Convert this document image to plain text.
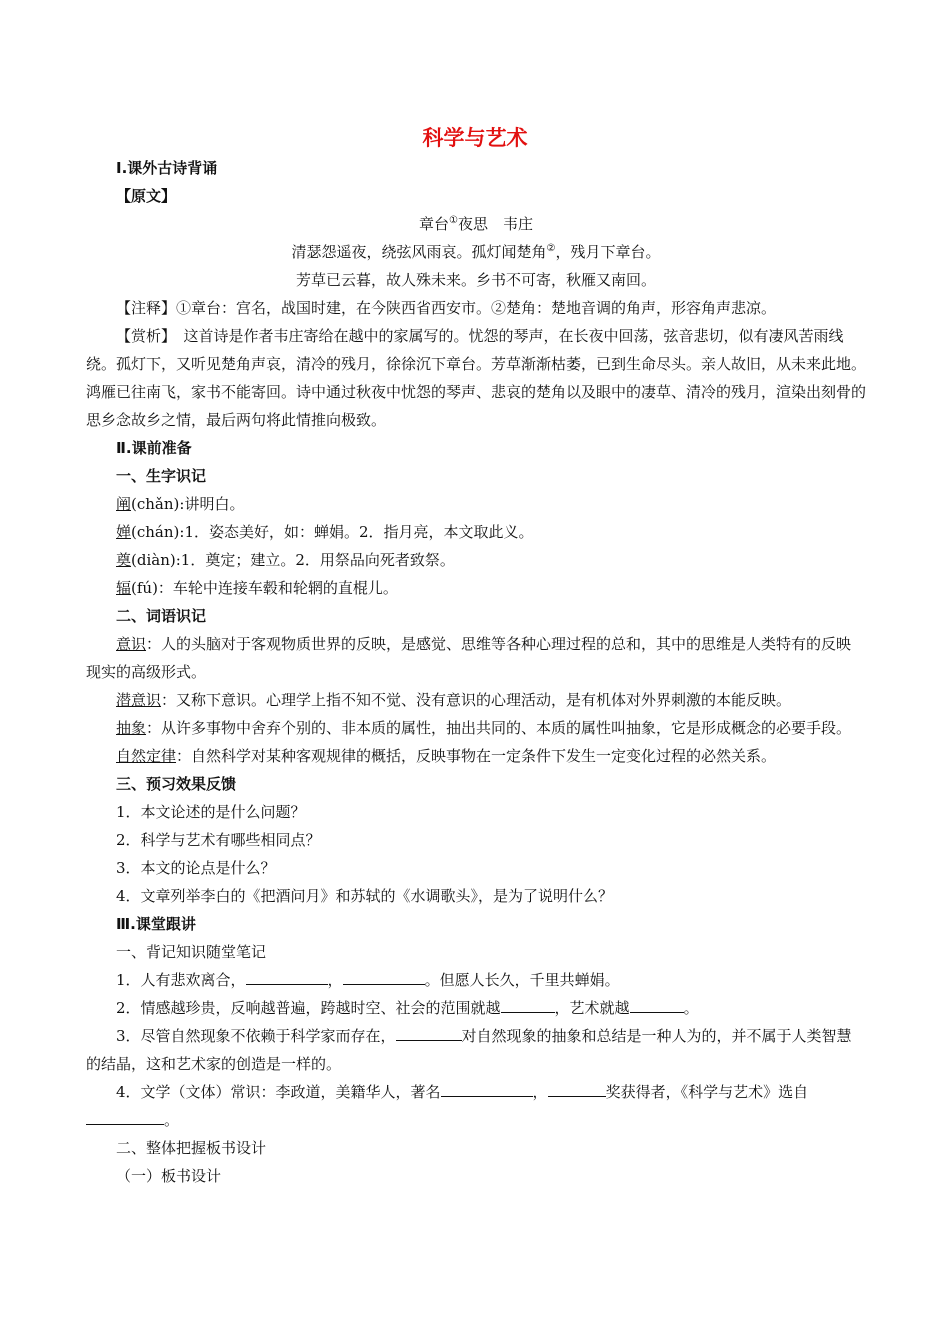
科学与艺术

Ⅰ.课外古诗背诵

【原文】

章台①夜思　韦庄

清瑟怨遥夜，绕弦风雨哀。孤灯闻楚角②，残月下章台。

芳草已云暮，故人殊未来。乡书不可寄，秋雁又南回。

【注释】①章台：宫名，战国时建，在今陕西省西安市。②楚角：楚地音调的角声，形容角声悲凉。

【赏析】　这首诗是作者韦庄寄给在越中的家属写的。忧怨的琴声，在长夜中回荡，弦音悲切，似有凄风苦雨线绕。孤灯下，又听见楚角声哀，清冷的残月，徐徐沉下章台。芳草渐渐枯萎，已到生命尽头。亲人故旧，从未来此地。鸿雁已往南飞，家书不能寄回。诗中通过秋夜中忧怨的琴声、悲哀的楚角以及眼中的凄草、清冷的残月，渲染出刻骨的思乡念故乡之情，最后两句将此情推向极致。

Ⅱ.课前准备

一、生字识记

阐(chǎn):讲明白。

婵(chán):1．姿态美好，如：蝉娟。2．指月亮，本文取此义。

奠(diàn):1．奠定；建立。2．用祭品向死者致祭。

辐(fú)：车轮中连接车毂和轮辋的直棍儿。

二、词语识记

意识：人的头脑对于客观物质世界的反映，是感觉、思维等各种心理过程的总和，其中的思维是人类特有的反映现实的高级形式。

潜意识：又称下意识。心理学上指不知不觉、没有意识的心理活动，是有机体对外界刺激的本能反映。

抽象：从许多事物中舍弃个别的、非本质的属性，抽出共同的、本质的属性叫抽象，它是形成概念的必要手段。

自然定律：自然科学对某种客观规律的概括，反映事物在一定条件下发生一定变化过程的必然关系。

三、预习效果反馈

1．本文论述的是什么问题？

2．科学与艺术有哪些相同点？

3．本文的论点是什么？

4．文章列举李白的《把酒问月》和苏轼的《水调歌头》，是为了说明什么？

Ⅲ.课堂跟讲

一、背记知识随堂笔记

1．人有悲欢离合，	，	。但愿人长久，千里共蝉娟。

2．情感越珍贵，反响越普遍，跨越时空、社会的范围就越	，艺术就越	。

3．尽管自然现象不依赖于科学家而存在，	对自然现象的抽象和总结是一种人为的，并不属于人类智慧的结晶，这和艺术家的创造是一样的。

4．文学（文体）常识：李政道，美籍华人，著名	，	奖获得者，《科学与艺术》选自。

二、整体把握板书设计

（一）板书设计
